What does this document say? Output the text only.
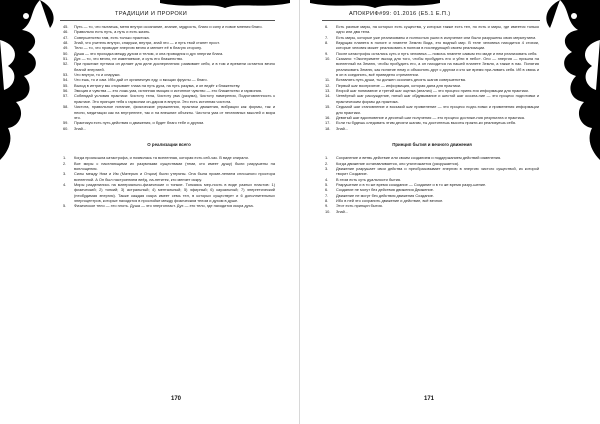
ТРАДИЦИИ И ПРОРОКИ
45.	Путь — то, что пытаешь, меня внутри осознание, знание, мудрость, благо и силу и новое мнения благо.
46.	Правильно есть путь, а путь и есть жизнь.
47.	Совершенство там, есть только практика.
48.	Знай, что учитель внутри, снаружи, внутри, знай это — и путь твой станет прост.
49.	Тело — то, что проводит энергию вечно и меняет её в благую сторону.
50.	Душа — это проходка между духом и телом, и она проводник и дух энергии блага.
51.	Дух — то, что вечно, не изменяемое, и суть его блаженство.
52.	При практике путника он делает для деле доспереления: развивает себя, и в том и времени остается вечно благой энергией.
53.	Что внутри, то и снаружи.
54.	Что ешь, то и сам. Ибо дай от органичную еду, о вкощах фрукты — благо.
55.	Выход в интригу мы открывает глаза на путь духа, на путь разума, и он ведёт к блаженству.
56.	Эмоция и чувства — это ложь ума, истинная эмоция и истинное чувство — это блаженство и гармония.
57.	Соблюдай условия практики: Чистоту тела, Чистоту ума (разума), Чистоту намерения, Подготовленность к практике. Это принцип тебя к гармонии он-даром в внутри. Это есть истинная чистота.
58.	Чистота, правильное питание, физические упражнения, практики движения, вибрации как формы, так и песни, медитации как на внутреннее, так и на внешние объекты. Чистота ума от негативных мыслей и мира это.
59.	Практикуя есть путь действия и движения, и будет благо тебе и другим.
60.	Знай...
О реализации всего
1.	Когда произошла катастрофа, и появилась та вселенная, которая есть сей-час. В виде спирали.
2.	Все миры с населяющими их разумными существами (теми, кто имеет душу) были разрушены на воплощения.
3.	Силы между Ним и Им (Матерью и Отцом) были утеряны. Она была проме-лением сплошного простора вселенной. А Он был настроением веёд, ла-нетитек, кто меняет искру.
4.	Миры разделились на материально-физические и тонкие. Тонкаясь мер-ность в виде разных пластов: 1) физический; 2) тонкий; 3) астральный; 4) ментальный; 5) эфирный; 6) каузальный; 7) энергетический (необудимая энергия). Также каждая искра имеет семь тел, в которых существует и 6 дополнительных энергоцентров, которые находятся в прослойке между физическим телом и духом в душе.
5.	Физическое тело — это плоть. Душа — это энергопласт. Дух — это тело, где находится искра духа.
170
АПОКРИФ#99: 01.2016 (Ε5.1 Е.П.)
6.	Есть разные миры, на которых есть существа, у которых также есть тел, но есть и миры, где имеется только одно или два тела.
7.	Есть миры, которые уже реализованы и полностью ушли в излучение или были разрушены свою меркнутием.
8.	Ведущая планета в пологе и планете Землю Вода, это водный мир. В теле человека находится 4 стихии, которые человек может реализовать в полном в последующей своем реализации.
9.	После катастрофы остались суть и путь человека — помочь планете самым его миде и нем реализовать себя.
10.	Сказано: «Эксперимент выход для того, чтобы пробудить его и уйти в небо». Оно — энергия — пришла на вселенный на Землю, чтобы пробудить его, а он находится на нашей планете Земля, а также в нас. Понятия реализовать Землю, как понятие нему и объяснять друг с другом и кто же время при-ливать себя. Иб в связь и в он в соединить, всё приведено стремлении.
11.	Вставлять путь души, ты должен осознать десять шагов совершенства.
12.	Первый шаг восприятие — информация, которая дана для практики.
13.	Второй шаг понимание и третий шаг оценка (анализ) — это процесс приня-тия информации для практики.
14.	Четвёртый шаг рассуждение, пятый шаг обдумывание и шестой шаг осозна-ние — это процесс подготовки и практическим формы да практика.
15.	Седьмой шаг становление и восьмой шаг применение — это процесс подго-товки и применения информации для практики.
16.	Девятый шаг вдохновение и десятый шаг получения — это процесс достиже-ния результата и практика.
17.	Если ты будешь следовать этим десяти шагам, ты достигнешь высоты практи-ки реализуешь себя.
18.	Знай...
Принцип бытия и вечного движения
1.	Сохранение и ветвь действие или своим созданием и поддержанием действий изменения.
2.	Когда движение останавливается, оно уничтожается (разрушается).
3.	Движение разрушает свои действа и преобразовывает энергию в энергию чистого существой, из которой творит Создание.
4.	В этом есть суть дуальности бытия.
5.	Разрушение и в то же время созидание — Создание и в то же время разру-шение.
6.	Создание не могут без действия движения Движение.
7.	Движение не могут без действия движения Создание.
8.	Ибо в ней это сохранить движение и действие, всё вечное.
9.	Этот есть принцип бытия.
10.	Знай...
171
